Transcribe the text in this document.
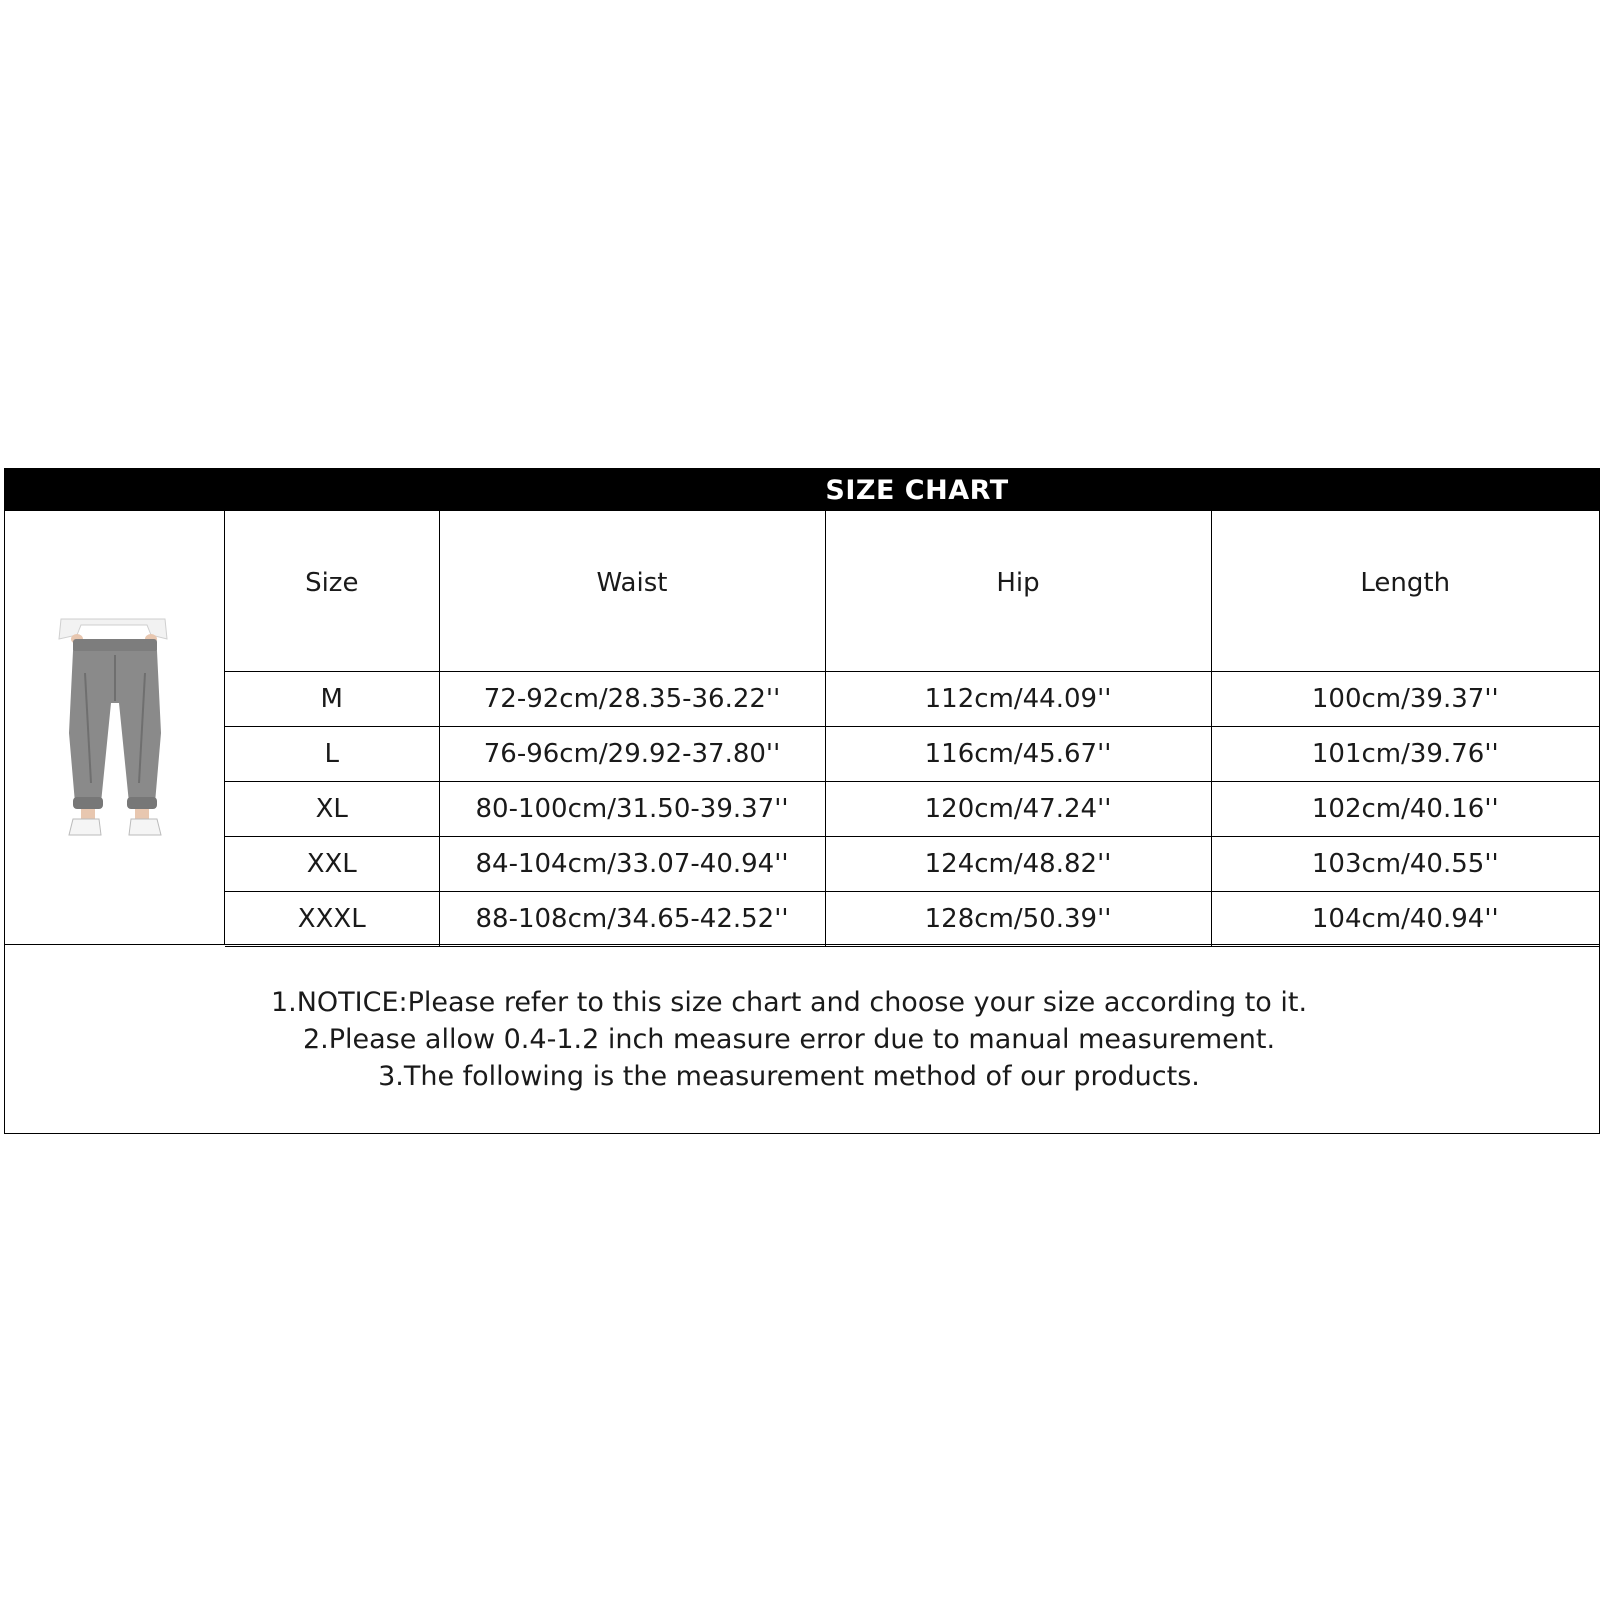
SIZE CHART
Size	Waist	Hip	Length

M	72-92cm/28.35-36.22''	112cm/44.09''	100cm/39.37''
L	76-96cm/29.92-37.80''	116cm/45.67''	101cm/39.76''
XL	80-100cm/31.50-39.37''	120cm/47.24''	102cm/40.16''
XXL	84-104cm/33.07-40.94''	124cm/48.82''	103cm/40.55''
XXXL	88-108cm/34.65-42.52''	128cm/50.39''	104cm/40.94''
1.NOTICE:Please refer to this size chart and choose your size according to it.
2.Please allow 0.4-1.2 inch measure error due to manual measurement.
3.The following is the measurement method of our products.
